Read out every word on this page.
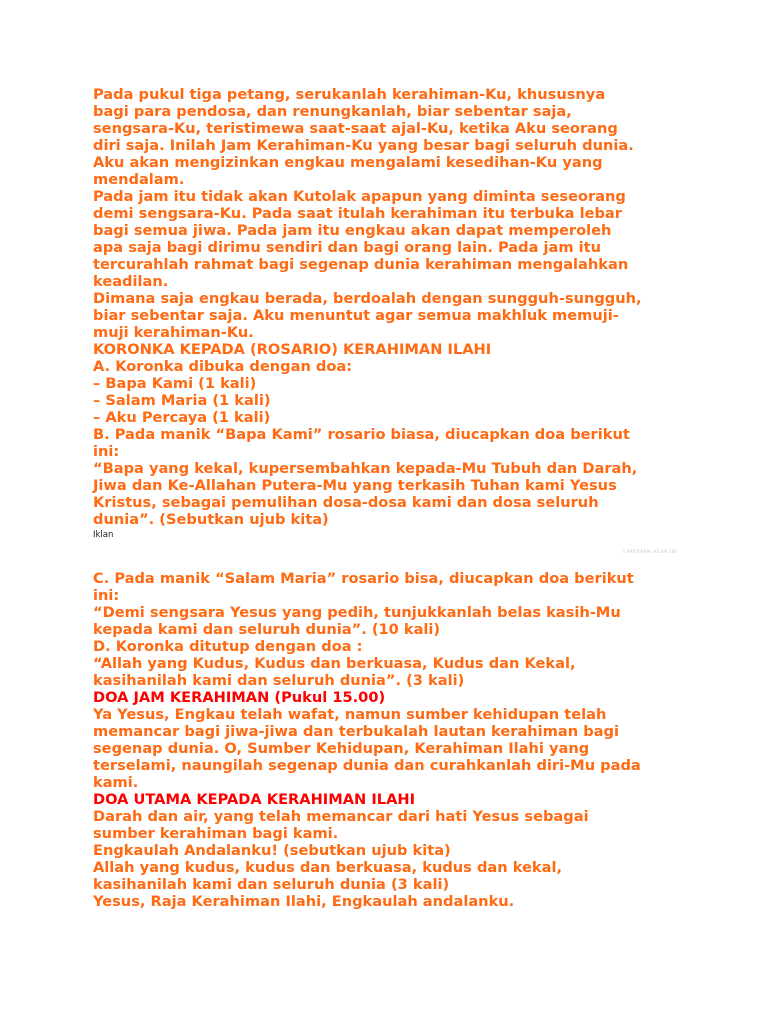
Pada pukul tiga petang, serukanlah kerahiman-Ku, khususnya

bagi para pendosa, dan renungkanlah, biar sebentar saja,

sengsara-Ku, teristimewa saat-saat ajal-Ku, ketika Aku seorang

diri saja. Inilah Jam Kerahiman-Ku yang besar bagi seluruh dunia.

Aku akan mengizinkan engkau mengalami kesedihan-Ku yang

mendalam.

Pada jam itu tidak akan Kutolak apapun yang diminta seseorang

demi sengsara-Ku. Pada saat itulah kerahiman itu terbuka lebar

bagi semua jiwa. Pada jam itu engkau akan dapat memperoleh

apa saja bagi dirimu sendiri dan bagi orang lain. Pada jam itu

tercurahlah rahmat bagi segenap dunia kerahiman mengalahkan

keadilan.

Dimana saja engkau berada, berdoalah dengan sungguh-sungguh,

biar sebentar saja. Aku menuntut agar semua makhluk memuji-

muji kerahiman-Ku.

KORONKA KEPADA (ROSARIO) KERAHIMAN ILAHI

A. Koronka dibuka dengan doa:

– Bapa Kami (1 kali)

– Salam Maria (1 kali)

– Aku Percaya (1 kali)

B. Pada manik “Bapa Kami” rosario biasa, diucapkan doa berikut

ini:

“Bapa yang kekal, kupersembahkan kepada-Mu Tubuh dan Darah,

Jiwa dan Ke-Allahan Putera-Mu yang terkasih Tuhan kami Yesus

Kristus, sebagai pemulihan dosa-dosa kami dan dosa seluruh

dunia”. (Sebutkan ujub kita)

C. Pada manik “Salam Maria” rosario bisa, diucapkan doa berikut

ini:

“Demi sengsara Yesus yang pedih, tunjukkanlah belas kasih-Mu

kepada kami dan seluruh dunia”. (10 kali)

D. Koronka ditutup dengan doa :

“Allah yang Kudus, Kudus dan berkuasa, Kudus dan Kekal,

kasihanilah kami dan seluruh dunia”. (3 kali)

DOA JAM KERAHIMAN (Pukul 15.00)

Ya Yesus, Engkau telah wafat, namun sumber kehidupan telah

memancar bagi jiwa-jiwa dan terbukalah lautan kerahiman bagi

segenap dunia. O, Sumber Kehidupan, Kerahiman Ilahi yang

terselami, naungilah segenap dunia dan curahkanlah diri-Mu pada

kami.

DOA UTAMA KEPADA KERAHIMAN ILAHI

Darah dan air, yang telah memancar dari hati Yesus sebagai

sumber kerahiman bagi kami.

Engkaulah Andalanku! (sebutkan ujub kita)

Allah yang kudus, kudus dan berkuasa, kudus dan kekal,

kasihanilah kami dan seluruh dunia (3 kali)

Yesus, Raja Kerahiman Ilahi, Engkaulah andalanku.

Iklan
LAPORKAN IKLAN INI
